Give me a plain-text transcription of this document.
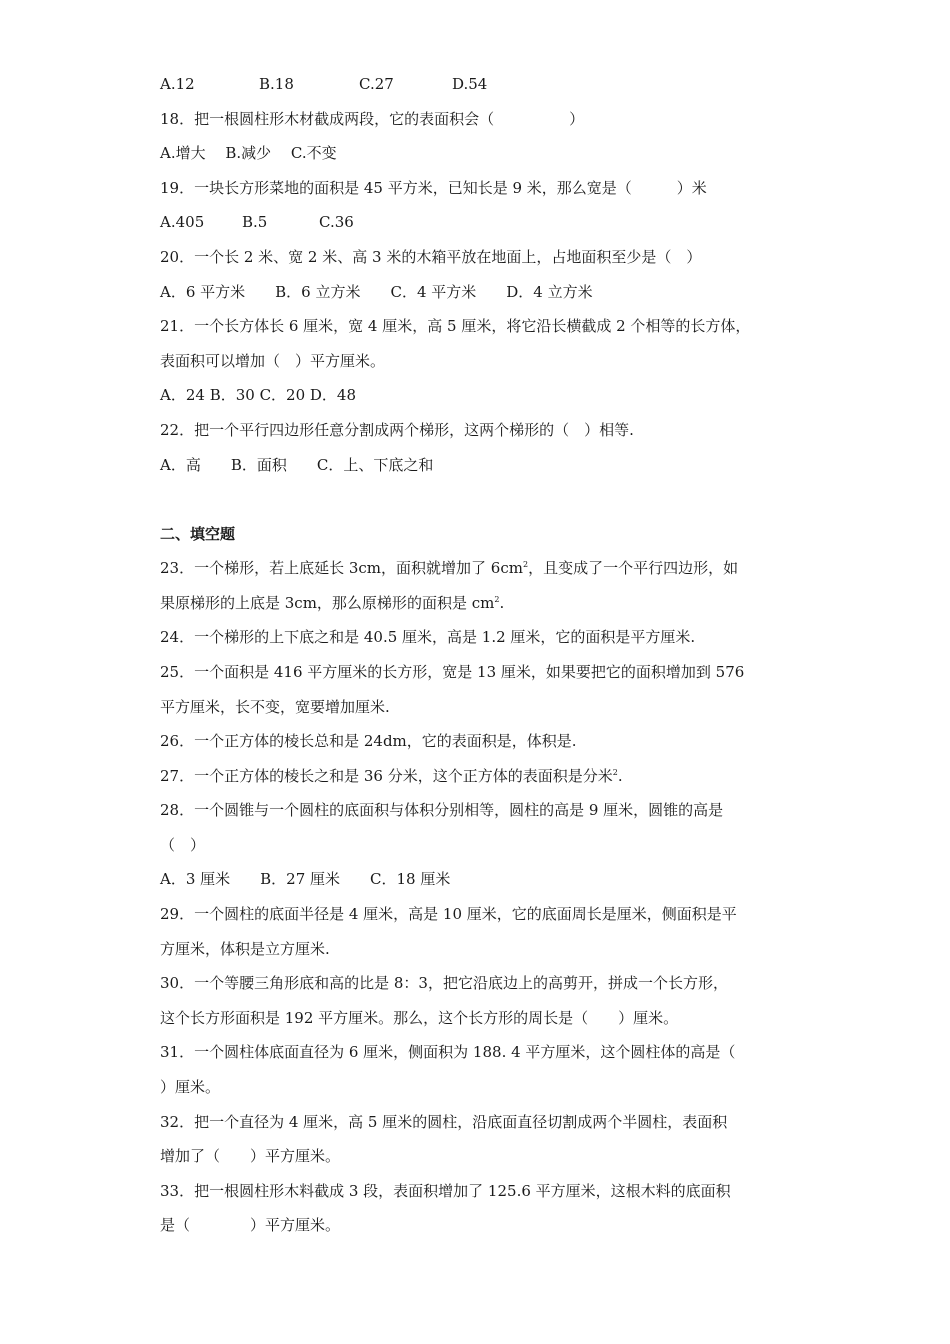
A.12	B.18	C.27	D.54

18．把一根圆柱形木材截成两段，它的表面积会（　　　　　）

A.增大　 B.减少　 C.不变

19．一块长方形菜地的面积是 45 平方米，已知长是 9 米，那么宽是（　　　）米

A.405	B.5	C.36

20．一个长 2 米、宽 2 米、高 3 米的木箱平放在地面上，占地面积至少是（　）

A．6 平方米　　B．6 立方米　　C．4 平方米　　D．4 立方米

21．一个长方体长 6 厘米，宽 4 厘米，高 5 厘米，将它沿长横截成 2 个相等的长方体，

表面积可以增加（　）平方厘米。

A．24 B．30 C．20 D．48

22．把一个平行四边形任意分割成两个梯形，这两个梯形的（　）相等.

A．高　　B．面积　　C．上、下底之和

二、填空题

23．一个梯形，若上底延长 3cm，面积就增加了 $6cm^2$，且变成了一个平行四边形，如

果原梯形的上底是 3cm，那么原梯形的面积是 $cm^2$.

24．一个梯形的上下底之和是 40.5 厘米，高是 1.2 厘米，它的面积是平方厘米.

25．一个面积是 416 平方厘米的长方形，宽是 13 厘米，如果要把它的面积增加到 576

平方厘米，长不变，宽要增加厘米.

26．一个正方体的棱长总和是 24dm，它的表面积是，体积是.

27．一个正方体的棱长之和是 36 分米，这个正方体的表面积是分米$^2$.

28．一个圆锥与一个圆柱的底面积与体积分别相等，圆柱的高是 9 厘米，圆锥的高是

（　）

A．3 厘米　　B．27 厘米　　C．18 厘米

29．一个圆柱的底面半径是 4 厘米，高是 10 厘米，它的底面周长是厘米，侧面积是平

方厘米，体积是立方厘米.

30．一个等腰三角形底和高的比是 8：3，把它沿底边上的高剪开，拼成一个长方形，

这个长方形面积是 192 平方厘米。那么，这个长方形的周长是（　　）厘米。

31．一个圆柱体底面直径为 6 厘米，侧面积为 188. 4 平方厘米，这个圆柱体的高是（

）厘米。

32．把一个直径为 4 厘米，高 5 厘米的圆柱，沿底面直径切割成两个半圆柱，表面积

增加了（　　）平方厘米。

33．把一根圆柱形木料截成 3 段，表面积增加了 125.6 平方厘米，这根木料的底面积

是（　　　　）平方厘米。
